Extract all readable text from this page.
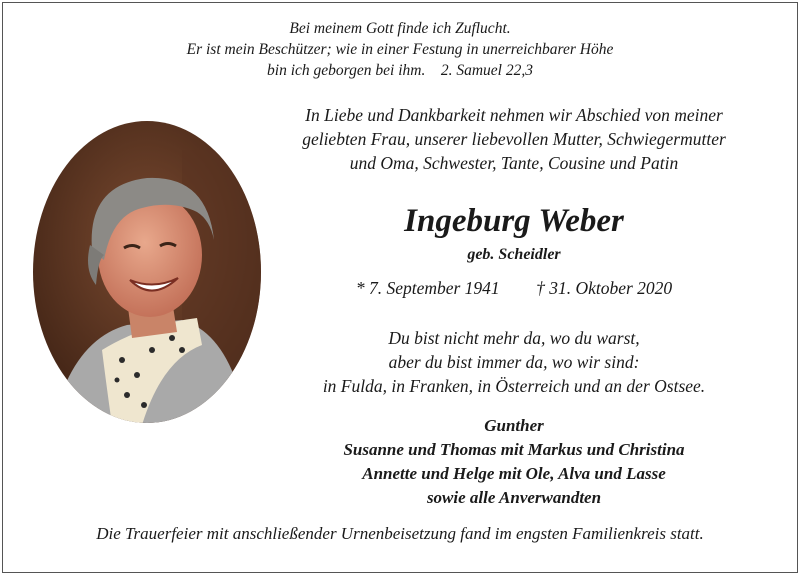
Bei meinem Gott finde ich Zuflucht.
Er ist mein Beschützer; wie in einer Festung in unerreichbarer Höhe
bin ich geborgen bei ihm.    2. Samuel 22,3
In Liebe und Dankbarkeit nehmen wir Abschied von meiner
geliebten Frau, unserer liebevollen Mutter, Schwiegermutter
und Oma, Schwester, Tante, Cousine und Patin
Ingeburg Weber
geb. Scheidler
* 7. September 1941 † 31. Oktober 2020
Du bist nicht mehr da, wo du warst,
aber du bist immer da, wo wir sind:
in Fulda, in Franken, in Österreich und an der Ostsee.
Gunther
Susanne und Thomas mit Markus und Christina
Annette und Helge mit Ole, Alva und Lasse
sowie alle Anverwandten
Die Trauerfeier mit anschließender Urnenbeisetzung fand im engsten Familienkreis statt.
